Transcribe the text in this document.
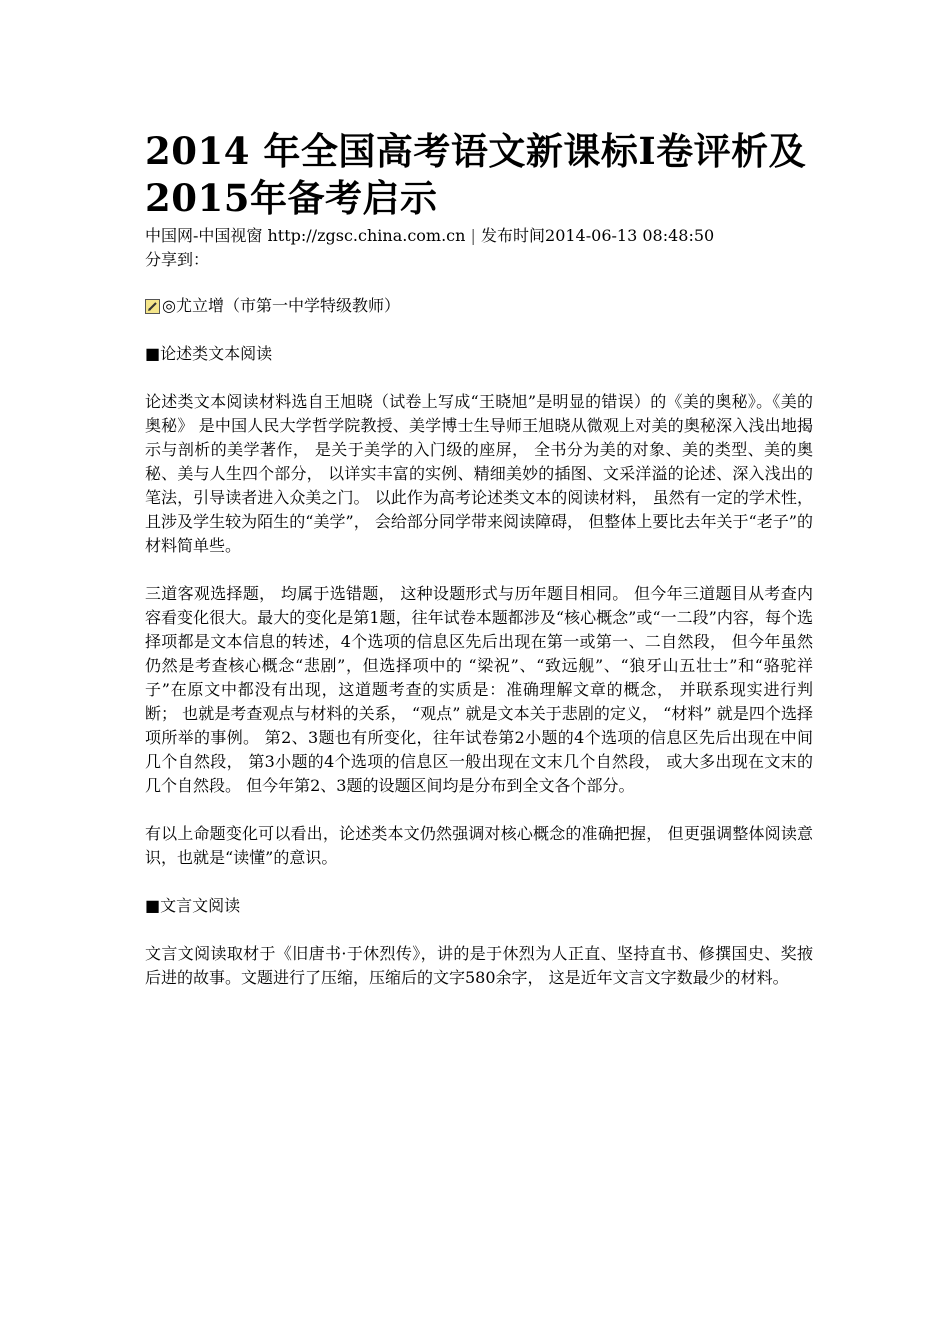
2014 年全国高考语文新课标Ⅰ卷评析及2015年备考启示
中国网-中国视窗 http://zgsc.china.com.cn | 发布时间2014-06-13 08:48:50
分享到：
◎尤立增（市第一中学特级教师）
■论述类文本阅读

论述类文本阅读材料选自王旭晓（试卷上写成“王晓旭”是明显的错误）的《美的奥秘》。《美的奥秘》 是中国人民大学哲学院教授、美学博士生导师王旭晓从微观上对美的奥秘深入浅出地揭示与剖析的美学著作， 是关于美学的入门级的座屏， 全书分为美的对象、美的类型、美的奥秘、美与人生四个部分， 以详实丰富的实例、精细美妙的插图、文采洋溢的论述、深入浅出的笔法，引导读者进入众美之门。 以此作为高考论述类文本的阅读材料， 虽然有一定的学术性， 且涉及学生较为陌生的“美学”， 会给部分同学带来阅读障碍， 但整体上要比去年关于“老子”的材料简单些。

三道客观选择题， 均属于选错题， 这种设题形式与历年题目相同。 但今年三道题目从考查内容看变化很大。最大的变化是第1题，往年试卷本题都涉及“核心概念”或“一二段”内容，每个选择项都是文本信息的转述，4个选项的信息区先后出现在第一或第一、二自然段， 但今年虽然仍然是考查核心概念“悲剧”，但选择项中的 “梁祝”、“致远舰”、“狼牙山五壮士”和“骆驼祥子”在原文中都没有出现，这道题考查的实质是：准确理解文章的概念， 并联系现实进行判断； 也就是考查观点与材料的关系， “观点” 就是文本关于悲剧的定义， “材料” 就是四个选择项所举的事例。 第2、3题也有所变化，往年试卷第2小题的4个选项的信息区先后出现在中间几个自然段， 第3小题的4个选项的信息区一般出现在文末几个自然段， 或大多出现在文末的几个自然段。 但今年第2、3题的设题区间均是分布到全文各个部分。

有以上命题变化可以看出，论述类本文仍然强调对核心概念的准确把握， 但更强调整体阅读意识，也就是“读懂”的意识。

■文言文阅读

文言文阅读取材于《旧唐书·于休烈传》，讲的是于休烈为人正直、坚持直书、修撰国史、奖掖后进的故事。文题进行了压缩，压缩后的文字580余字， 这是近年文言文字数最少的材料。
